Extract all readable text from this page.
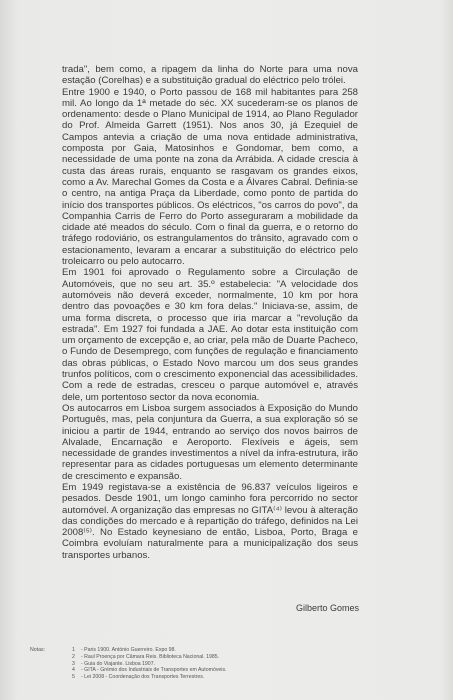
trada", bem como, a ripagem da linha do Norte para uma nova estação (Corelhas) e a substituição gradual do eléctrico pelo trólei.

Entre 1900 e 1940, o Porto passou de 168 mil habitantes para 258 mil. Ao longo da 1ª metade do séc. XX sucederam-se os planos de ordenamento: desde o Plano Municipal de 1914, ao Plano Regulador do Prof. Almeida Garrett (1951). Nos anos 30, já Ezequiel de Campos antevia a criação de uma nova entidade administrativa, composta por Gaia, Matosinhos e Gondomar, bem como, a necessidade de uma ponte na zona da Arrábida. A cidade crescia à custa das áreas rurais, enquanto se rasgavam os grandes eixos, como a Av. Marechal Gomes da Costa e a Álvares Cabral. Definia-se o centro, na antiga Praça da Liberdade, como ponto de partida do início dos transportes públicos. Os eléctricos, "os carros do povo", da Companhia Carris de Ferro do Porto asseguraram a mobilidade da cidade até meados do século. Com o final da guerra, e o retorno do tráfego rodoviário, os estrangulamentos do trânsito, agravado com o estacionamento, levaram a encarar a substituição do eléctrico pelo troleicarro ou pelo autocarro.

Em 1901 foi aprovado o Regulamento sobre a Circulação de Automóveis, que no seu art. 35.º estabelecia: "A velocidade dos automóveis não deverá exceder, normalmente, 10 km por hora dentro das povoações e 30 km fora delas." Iniciava-se, assim, de uma forma discreta, o processo que iria marcar a "revolução da estrada". Em 1927 foi fundada a JAE. Ao dotar esta instituição com um orçamento de excepção e, ao criar, pela mão de Duarte Pacheco, o Fundo de Desemprego, com funções de regulação e financiamento das obras públicas, o Estado Novo marcou um dos seus grandes trunfos políticos, com o crescimento exponencial das acessibilidades. Com a rede de estradas, cresceu o parque automóvel e, através dele, um portentoso sector da nova economia.

Os autocarros em Lisboa surgem associados à Exposição do Mundo Português, mas, pela conjuntura da Guerra, a sua exploração só se iniciou a partir de 1944, entrando ao serviço dos novos bairros de Alvalade, Encarnação e Aeroporto. Flexíveis e ágeis, sem necessidade de grandes investimentos a nível da infra-estrutura, irão representar para as cidades portuguesas um elemento determinante de crescimento e expansão.

Em 1949 registava-se a existência de 96.837 veículos ligeiros e pesados. Desde 1901, um longo caminho fora percorrido no sector automóvel. A organização das empresas no GITA⁽⁴⁾ levou à alteração das condições do mercado e à repartição do tráfego, definidos na Lei 2008⁽⁵⁾. No Estado keynesiano de então, Lisboa, Porto, Braga e Coimbra evoluíam naturalmente para a municipalização dos seus transportes urbanos.

Gilberto Gomes
Notas:	1 - Paris 1900. António Guerreiro. Expo 98.
2 - Raul Proença por Câmara Reis. Biblioteca Nacional. 1985.
3 - Guia do Viajante. Lisboa 1907.
4 - GITA - Grémio dos Industriais de Transportes em Automóveis.
5 - Lei 2008 - Coordenação dos Transportes Terrestres.
